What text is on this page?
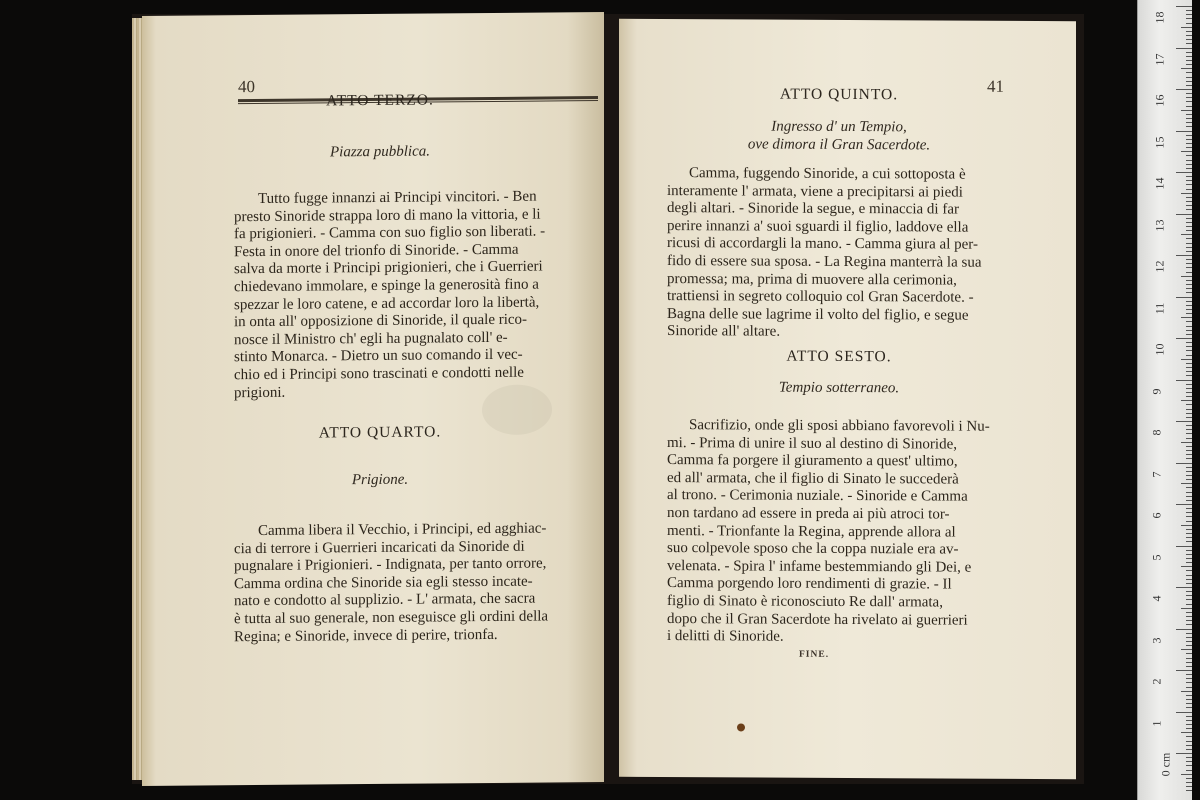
40
ATTO TERZO.
Piazza pubblica.
Tutto fugge innanzi ai Principi vincitori. - Ben
presto Sinoride strappa loro di mano la vittoria, e li
fa prigionieri. - Camma con suo figlio son liberati. -
Festa in onore del trionfo di Sinoride. - Camma
salva da morte i Principi prigionieri, che i Guerrieri
chiedevano immolare, e spinge la generosità fino a
spezzar le loro catene, e ad accordar loro la libertà,
in onta all' opposizione di Sinoride, il quale rico-
nosce il Ministro ch' egli ha pugnalato coll' e-
stinto Monarca. - Dietro un suo comando il vec-
chio ed i Principi sono trascinati e condotti nelle
prigioni.
ATTO QUARTO.
Prigione.
Camma libera il Vecchio, i Principi, ed agghiac-
cia di terrore i Guerrieri incaricati da Sinoride di
pugnalare i Prigionieri. - Indignata, per tanto orrore,
Camma ordina che Sinoride sia egli stesso incate-
nato e condotto al supplizio. - L' armata, che sacra
è tutta al suo generale, non eseguisce gli ordini della
Regina; e Sinoride, invece di perire, trionfa.
41
ATTO QUINTO.
Ingresso d' un Tempio,
ove dimora il Gran Sacerdote.
Camma, fuggendo Sinoride, a cui sottoposta è
interamente l' armata, viene a precipitarsi ai piedi
degli altari. - Sinoride la segue, e minaccia di far
perire innanzi a' suoi sguardi il figlio, laddove ella
ricusi di accordargli la mano. - Camma giura al per-
fido di essere sua sposa. - La Regina manterrà la sua
promessa; ma, prima di muovere alla cerimonia,
trattiensi in segreto colloquio col Gran Sacerdote. -
Bagna delle sue lagrime il volto del figlio, e segue
Sinoride all' altare.
ATTO SESTO.
Tempio sotterraneo.
Sacrifizio, onde gli sposi abbiano favorevoli i Nu-
mi. - Prima di unire il suo al destino di Sinoride,
Camma fa porgere il giuramento a quest' ultimo,
ed all' armata, che il figlio di Sinato le succederà
al trono. - Cerimonia nuziale. - Sinoride e Camma
non tardano ad essere in preda ai più atroci tor-
menti. - Trionfante la Regina, apprende allora al
suo colpevole sposo che la coppa nuziale era av-
velenata. - Spira l' infame bestemmiando gli Dei, e
Camma porgendo loro rendimenti di grazie. - Il
figlio di Sinato è riconosciuto Re dall' armata,
dopo che il Gran Sacerdote ha rivelato ai guerrieri
i delitti di Sinoride.
FINE.
18
17
16
15
14
13
12
11
10
9
8
7
6
5
4
3
2
1
0 cm
